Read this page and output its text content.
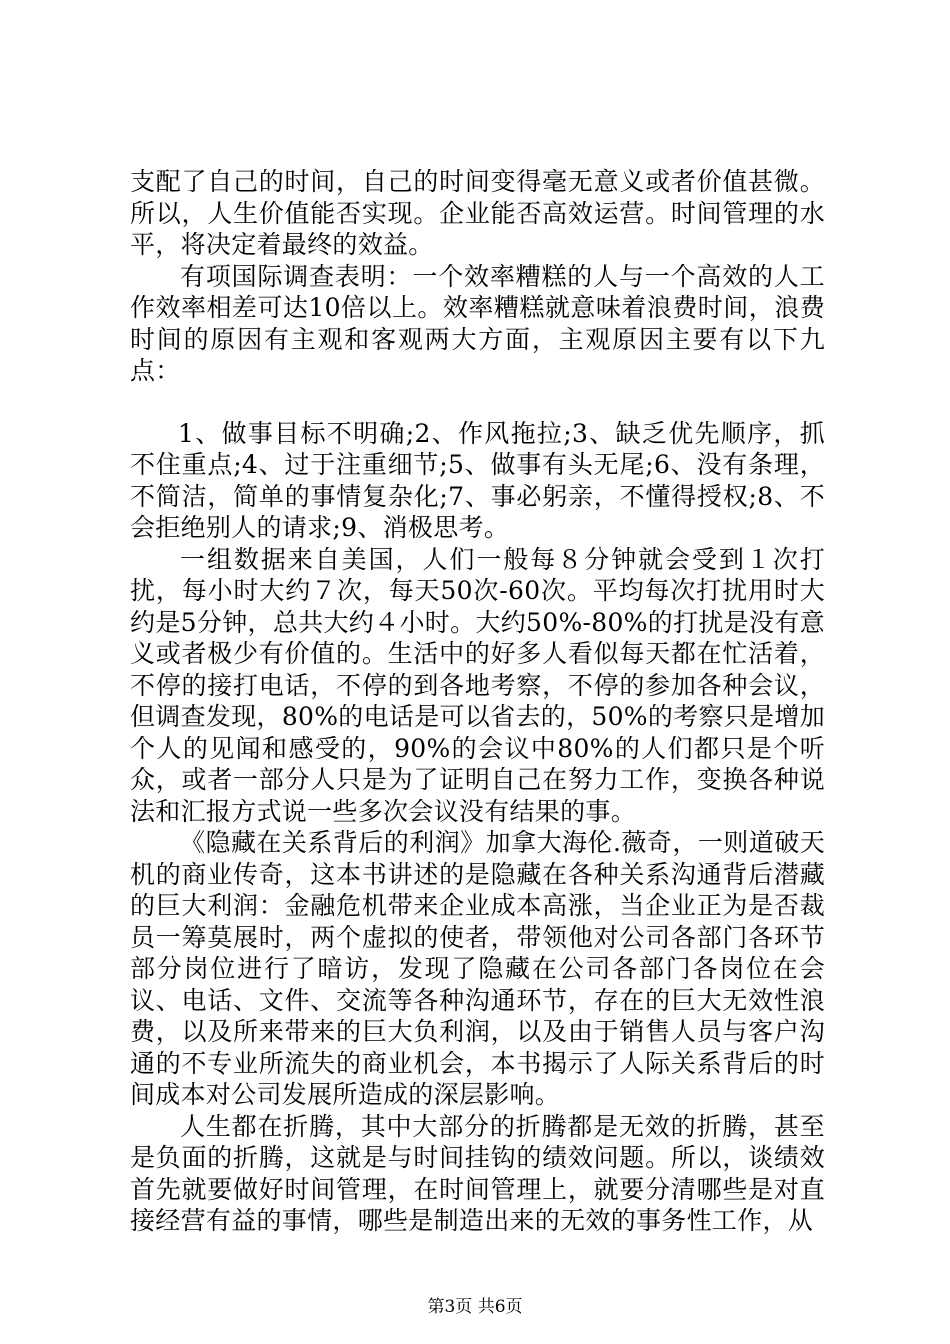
支配了自己的时间，自己的时间变得毫无意义或者价值甚微。所以，人生价值能否实现。企业能否高效运营。时间管理的水平，将决定着最终的效益。

有项国际调查表明：一个效率糟糕的人与一个高效的人工作效率相差可达10倍以上。效率糟糕就意味着浪费时间，浪费时间的原因有主观和客观两大方面，主观原因主要有以下九点：

1、做事目标不明确;2、作风拖拉;3、缺乏优先顺序，抓不住重点;4、过于注重细节;5、做事有头无尾;6、没有条理，不简洁，简单的事情复杂化;7、事必躬亲，不懂得授权;8、不会拒绝别人的请求;9、消极思考。

一组数据来自美国，人们一般每８分钟就会受到１次打扰，每小时大约７次，每天50次-60次。平均每次打扰用时大约是5分钟，总共大约４小时。大约50%-80%的打扰是没有意义或者极少有价值的。生活中的好多人看似每天都在忙活着，不停的接打电话，不停的到各地考察，不停的参加各种会议，但调查发现，80%的电话是可以省去的，50%的考察只是增加个人的见闻和感受的，90%的会议中80%的人们都只是个听众，或者一部分人只是为了证明自己在努力工作，变换各种说法和汇报方式说一些多次会议没有结果的事。

《隐藏在关系背后的利润》加拿大海伦.薇奇，一则道破天机的商业传奇，这本书讲述的是隐藏在各种关系沟通背后潜藏的巨大利润：金融危机带来企业成本高涨，当企业正为是否裁员一筹莫展时，两个虚拟的使者，带领他对公司各部门各环节部分岗位进行了暗访，发现了隐藏在公司各部门各岗位在会议、电话、文件、交流等各种沟通环节，存在的巨大无效性浪费，以及所来带来的巨大负利润，以及由于销售人员与客户沟通的不专业所流失的商业机会，本书揭示了人际关系背后的时间成本对公司发展所造成的深层影响。

人生都在折腾，其中大部分的折腾都是无效的折腾，甚至是负面的折腾，这就是与时间挂钩的绩效问题。所以，谈绩效首先就要做好时间管理，在时间管理上，就要分清哪些是对直接经营有益的事情，哪些是制造出来的无效的事务性工作，从

第3页 共6页
